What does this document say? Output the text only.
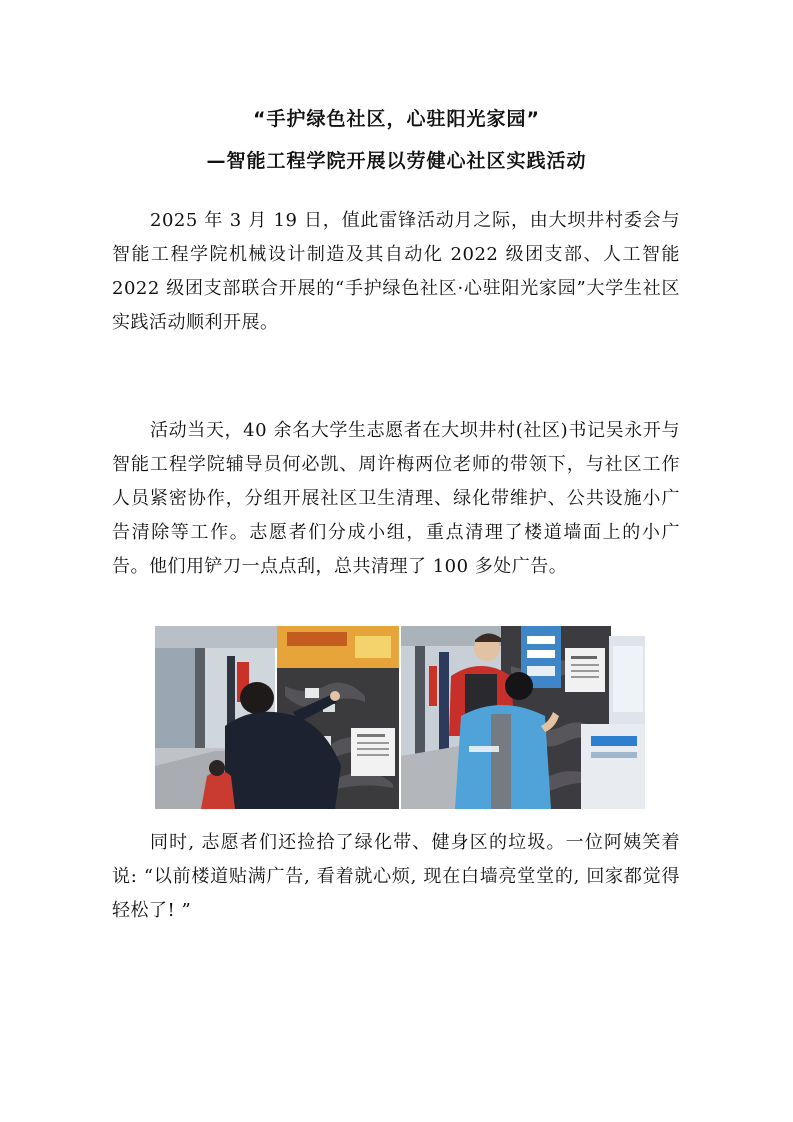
“手护绿色社区，心驻阳光家园”
—智能工程学院开展以劳健心社区实践活动
2025 年 3 月 19 日，值此雷锋活动月之际，由大坝井村委会与智能工程学院机械设计制造及其自动化 2022 级团支部、人工智能 2022 级团支部联合开展的“手护绿色社区·心驻阳光家园”大学生社区实践活动顺利开展。
活动当天，40 余名大学生志愿者在大坝井村(社区)书记吴永开与智能工程学院辅导员何必凯、周许梅两位老师的带领下，与社区工作人员紧密协作，分组开展社区卫生清理、绿化带维护、公共设施小广告清除等工作。志愿者们分成小组，重点清理了楼道墙面上的小广告。他们用铲刀一点点刮，总共清理了 100 多处广告。
同时, 志愿者们还捡拾了绿化带、健身区的垃圾。一位阿姨笑着说: “以前楼道贴满广告, 看着就心烦, 现在白墙亮堂堂的, 回家都觉得轻松了! ”
